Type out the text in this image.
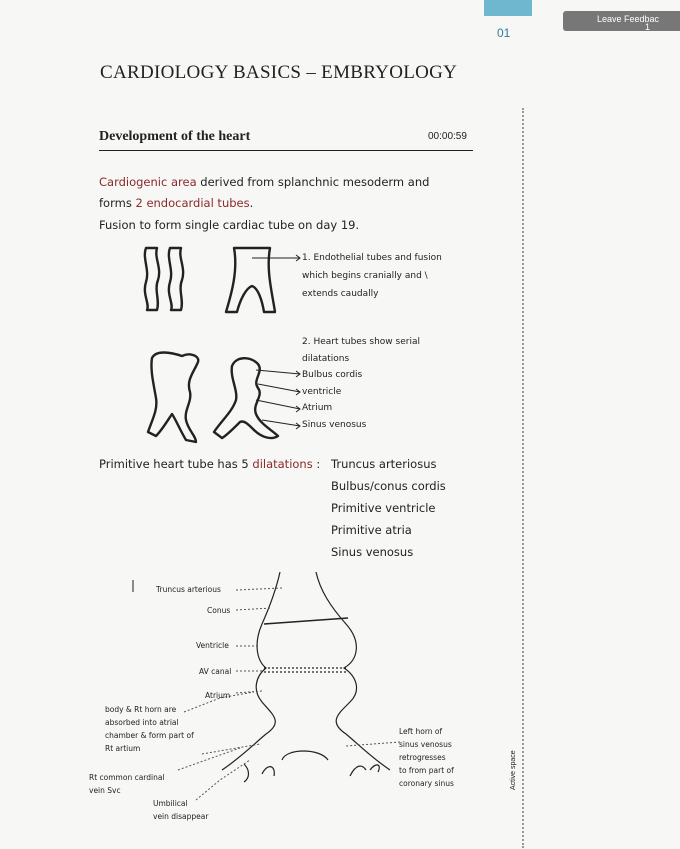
01
Leave Feedbac
1
CARDIOLOGY BASICS – EMBRYOLOGY
Development of the heart	00:00:59
Active space
Cardiogenic area derived from splanchnic mesoderm and
forms 2 endocardial tubes.
Fusion to form single cardiac tube on day 19.
1. Endothelial tubes and fusion
which begins cranially and \
extends caudally
2. Heart tubes show serial
dilatations
Bulbus cordis
ventricle
Atrium
Sinus venosus
Primitive heart tube has 5 dilatations : Truncus arteriosus
Bulbus/conus cordis
Primitive ventricle
Primitive atria
Sinus venosus
Truncus arterious
Conus
Ventricle
AV canal
Atrium
body & Rt horn are
absorbed into atrial
chamber & form part of
Rt artium
Rt common cardinal
vein Svc
Umbilical
vein disappear
Left horn of
sinus venosus
retrogresses
to from part of
coronary sinus
